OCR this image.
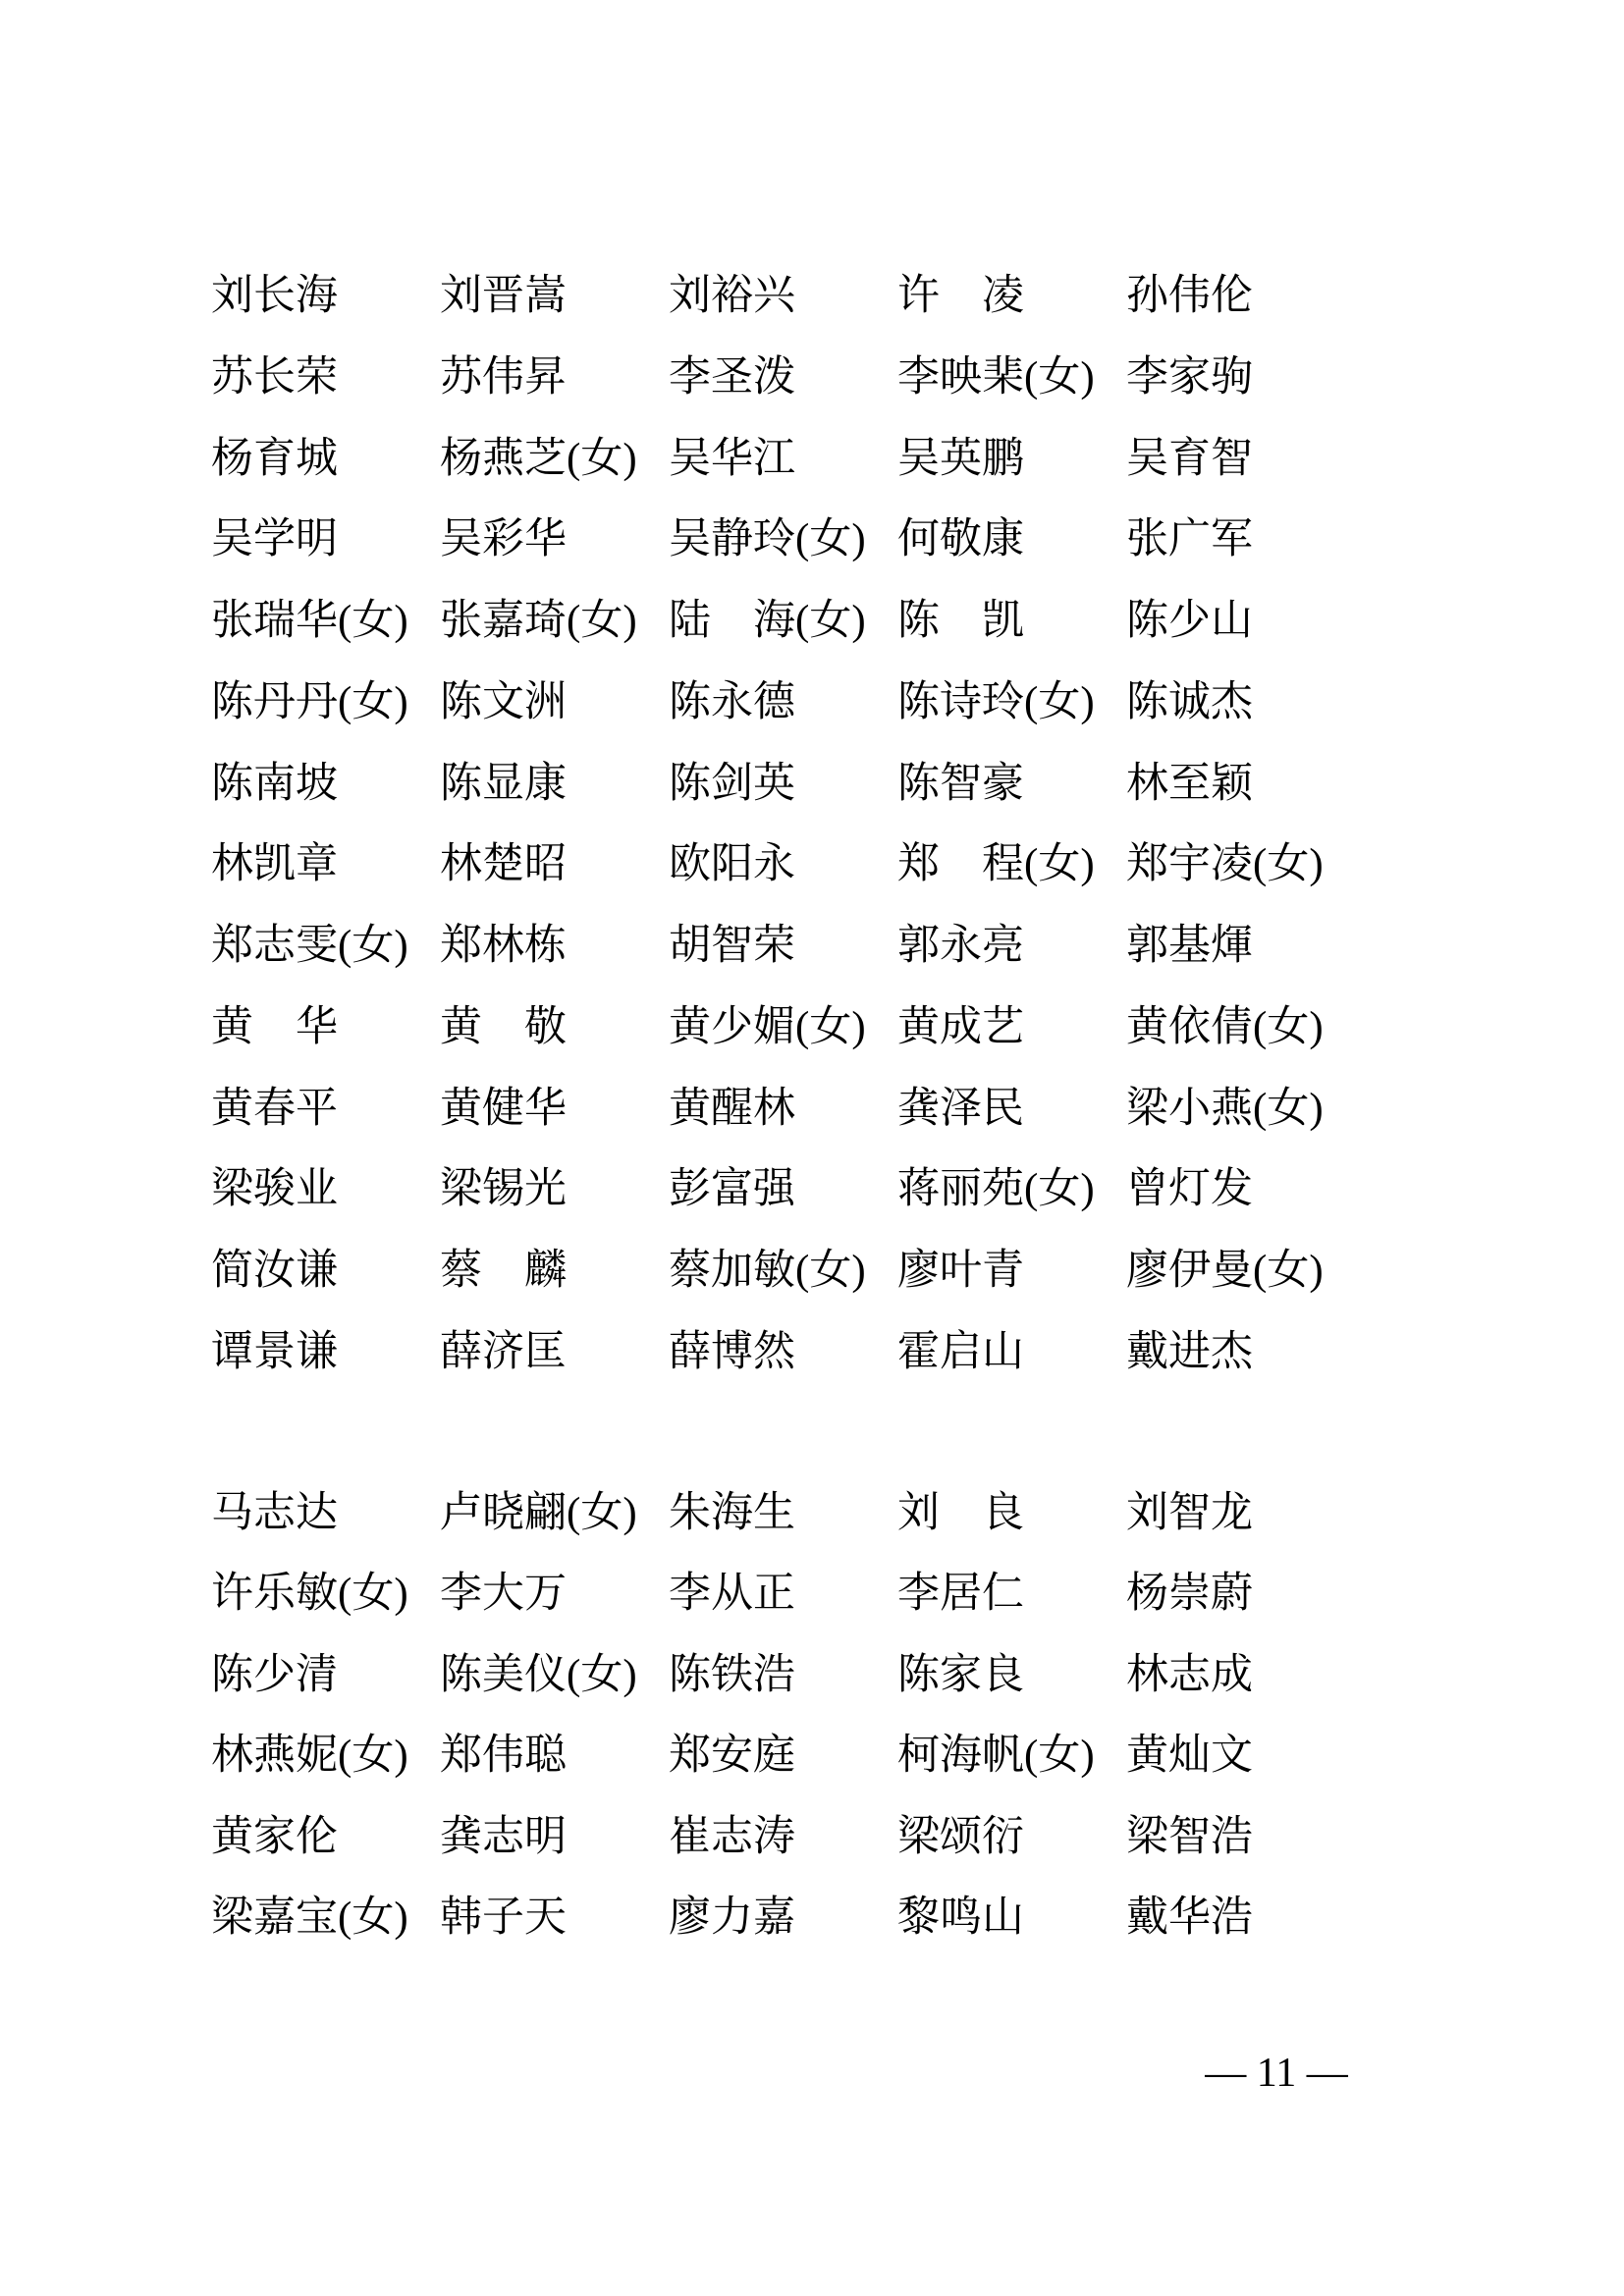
刘长海 刘晋嵩 刘裕兴 许　凌 孙伟伦
苏长荣 苏伟昇 李圣泼 李映棐(女) 李家驹
杨育城 杨燕芝(女) 吴华江 吴英鹏 吴育智
吴学明 吴彩华 吴静玲(女) 何敬康 张广军
张瑞华(女) 张嘉琦(女) 陆　海(女) 陈　凯 陈少山
陈丹丹(女) 陈文洲 陈永德 陈诗玲(女) 陈诚杰
陈南坡 陈显康 陈剑英 陈智豪 林至颖
林凯章 林楚昭 欧阳永 郑　程(女) 郑宇凌(女)
郑志雯(女) 郑林栋 胡智荣 郭永亮 郭基煇
黄　华 黄　敬 黄少媚(女) 黄成艺 黄依倩(女)
黄春平 黄健华 黄醒林 龚泽民 梁小燕(女)
梁骏业 梁锡光 彭富强 蒋丽苑(女) 曾灯发
简汝谦 蔡　麟 蔡加敏(女) 廖叶青 廖伊曼(女)
谭景谦 薛济匡 薛博然 霍启山 戴进杰
马志达 卢晓翩(女) 朱海生 刘　良 刘智龙
许乐敏(女) 李大万 李从正 李居仁 杨崇蔚
陈少清 陈美仪(女) 陈铁浩 陈家良 林志成
林燕妮(女) 郑伟聪 郑安庭 柯海帆(女) 黄灿文
黄家伦 龚志明 崔志涛 梁颂衍 梁智浩
梁嘉宝(女) 韩子天 廖力嘉 黎鸣山 戴华浩
— 11 —
